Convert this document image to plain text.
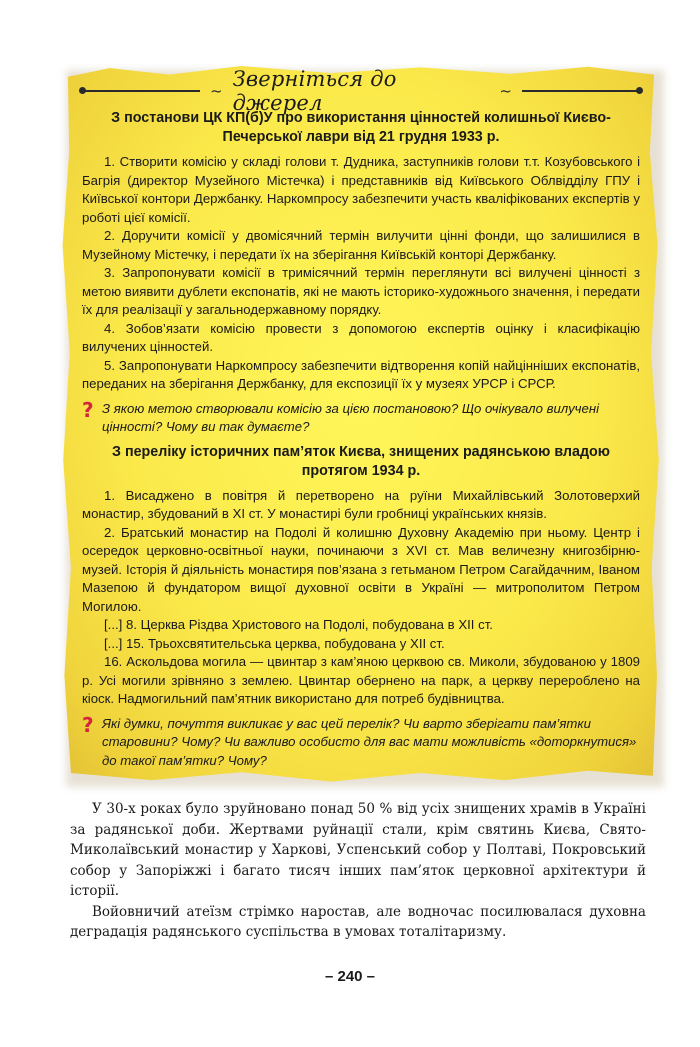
~ Зверніться до джерел	~
З постанови ЦК КП(б)У про використання цінностей колишньої Києво-Печерської лаври від 21 грудня 1933 р.

1. Створити комісію у складі голови т. Дудника, заступників голови т.т. Козубовського і Багрія (директор Музейного Містечка) і представників від Київського Облвідділу ГПУ і Київської контори Держбанку. Наркомпросу забезпечити участь кваліфікованих експертів у роботі цієї комісії.

2. Доручити комісії у двомісячний термін вилучити цінні фонди, що залишилися в Музейному Містечку, і передати їх на зберігання Київській конторі Держбанку.

3. Запропонувати комісії в тримісячний термін переглянути всі вилучені цінності з метою виявити дублети експонатів, які не мають історико-художнього значення, і передати їх для реалізації у загальнодержавному порядку.

4. Зобов’язати комісію провести з допомогою експертів оцінку і класифікацію вилучених цінностей.

5. Запропонувати Наркомпросу забезпечити відтворення копій найцінніших експонатів, переданих на зберігання Держбанку, для експозиції їх у музеях УРСР і СРСР.

? З якою метою створювали комісію за цією постановою? Що очікувало вилучені цінності? Чому ви так думаєте?
З переліку історичних пам’яток Києва, знищених радянською владою протягом 1934 р.

1. Висаджено в повітря й перетворено на руїни Михайлівський Золотоверхий монастир, збудований в XI ст. У монастирі були гробниці українських князів.

2. Братський монастир на Подолі й колишню Духовну Академію при ньому. Центр і осередок церковно-освітньої науки, починаючи з XVI ст. Мав величезну книгозбірню-музей. Історія й діяльність монастиря пов’язана з гетьманом Петром Сагайдачним, Іваном Мазепою й фундатором вищої духовної освіти в Україні — митрополитом Петром Могилою.

[...] 8. Церква Різдва Христового на Подолі, побудована в XII ст.

[...] 15. Трьохсвятительська церква, побудована у XII ст.

16. Аскольдова могила — цвинтар з кам’яною церквою св. Миколи, збудованою у 1809 р. Усі могили зрівняно з землею. Цвинтар обернено на парк, а церкву перероблено на кіоск. Надмогильний пам’ятник використано для потреб будівництва.

? Які думки, почуття викликає у вас цей перелік? Чи варто зберігати пам’ятки старовини? Чому? Чи важливо особисто для вас мати можливість «доторкнутися» до такої пам’ятки? Чому?

У 30-х роках було зруйновано понад 50 % від усіх знищених храмів в Україні за радянської доби. Жертвами руйнації стали, крім святинь Києва, Свято-Миколаївський монастир у Харкові, Успенський собор у Полтаві, Покровський собор у Запоріжжі і багато тисяч інших пам’яток церковної архітектури й історії.

Войовничий атеїзм стрімко наростав, але водночас посилювалася духовна деградація радянського суспільства в умовах тоталітаризму.

– 240 –
